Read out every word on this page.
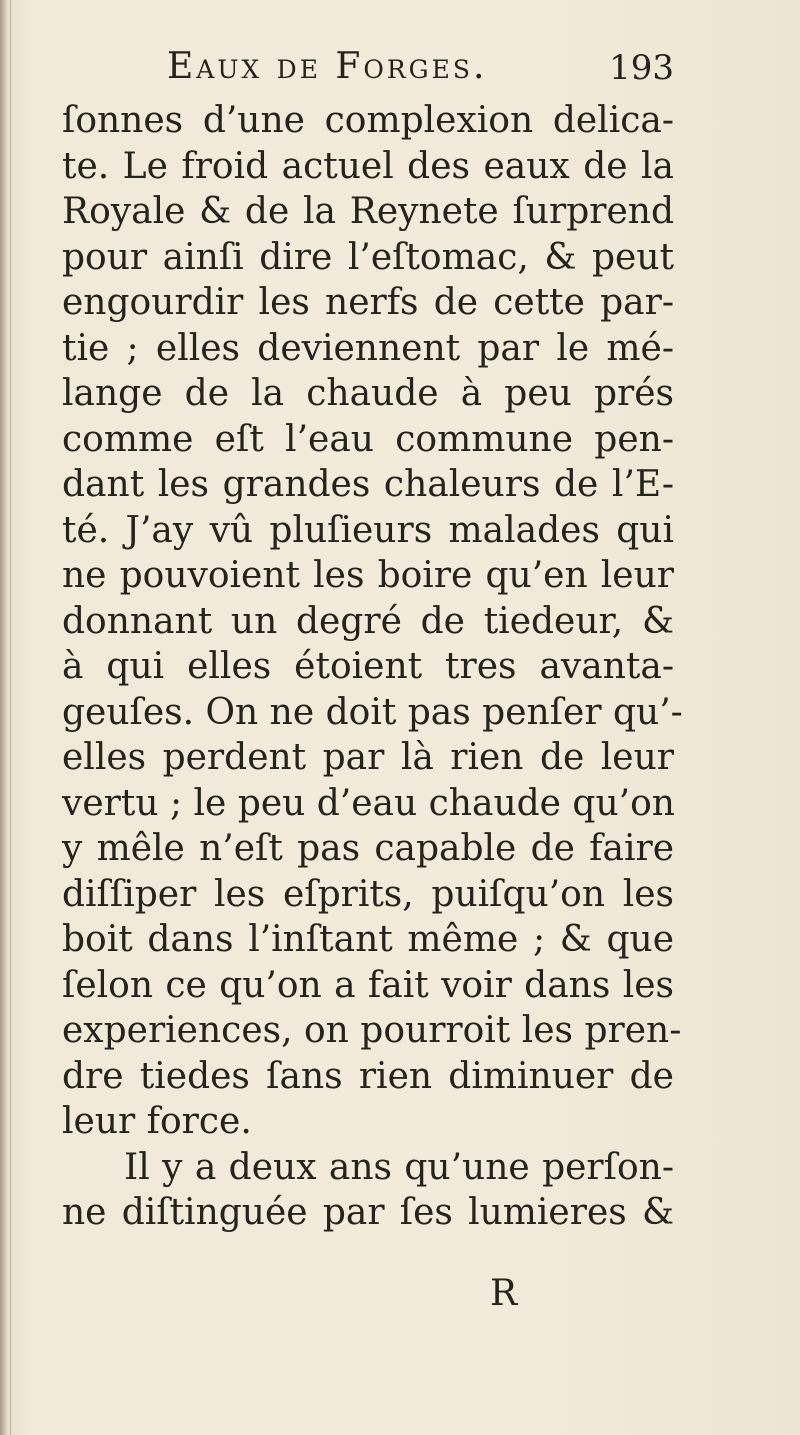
Eaux de Forges.	193
ſonnes d’une complexion delica-
te. Le froid actuel des eaux de la
Royale & de la Reynete ſurprend
pour ainſi dire l’eſtomac, & peut
engourdir les nerfs de cette par-
tie ; elles deviennent par le mé-
lange de la chaude à peu prés
comme eſt l’eau commune pen-
dant les grandes chaleurs de l’E-
té. J’ay vû pluſieurs malades qui
ne pouvoient les boire qu’en leur
donnant un degré de tiedeur, &
à qui elles étoient tres avanta-
geuſes. On ne doit pas penſer qu’-
elles perdent par là rien de leur
vertu ; le peu d’eau chaude qu’on
y mêle n’eſt pas capable de faire
diſſiper les eſprits, puiſqu’on les
boit dans l’inſtant même ; & que
ſelon ce qu’on a fait voir dans les
experiences, on pourroit les pren-
dre tiedes ſans rien diminuer de
leur force.
Il y a deux ans qu’une perſon-
ne diſtinguée par ſes lumieres &
R
